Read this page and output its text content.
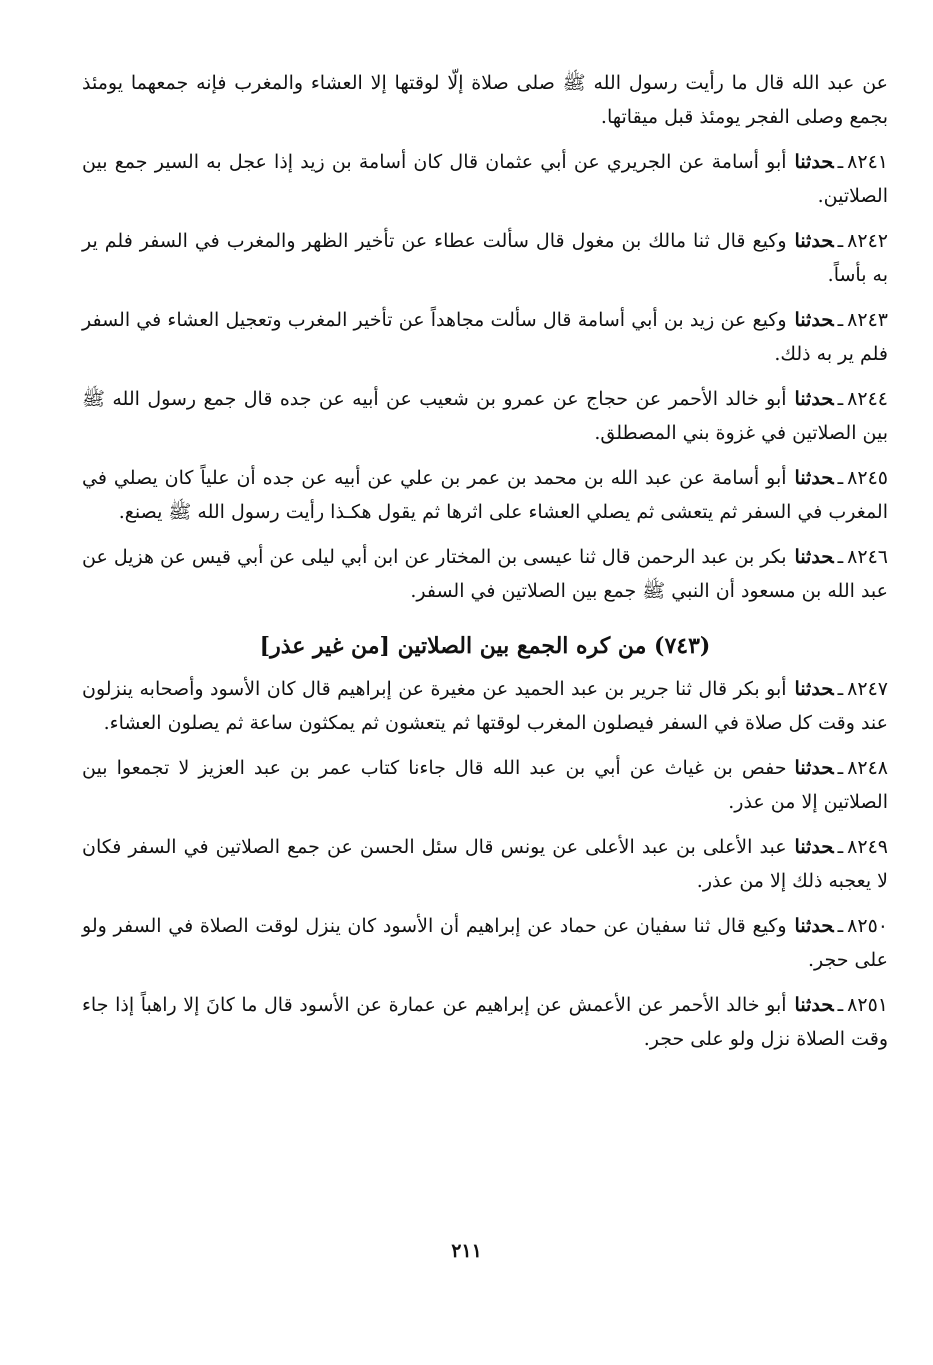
عن عبد الله قال ما رأيت رسول الله ﷺ صلى صلاة إلّا لوقتها إلا العشاء والمغرب فإنه جمعهما يومئذ بجمع وصلى الفجر يومئذ قبل ميقاتها.

٨٢٤١ـحدثناأبو أسامة عن الجريري عن أبي عثمان قال كان أسامة بن زيد إذا عجل به السير جمع بين الصلاتين.

٨٢٤٢ـحدثناوكيع قال ثنا مالك بن مغول قال سألت عطاء عن تأخير الظهر والمغرب في السفر فلم ير به بأساً.

٨٢٤٣ـحدثناوكيع عن زيد بن أبي أسامة قال سألت مجاهداً عن تأخير المغرب وتعجيل العشاء في السفر فلم ير به ذلك.

٨٢٤٤ـحدثناأبو خالد الأحمر عن حجاج عن عمرو بن شعيب عن أبيه عن جده قال جمع رسول الله ﷺ بين الصلاتين في غزوة بني المصطلق.

٨٢٤٥ـحدثناأبو أسامة عن عبد الله بن محمد بن عمر بن علي عن أبيه عن جده أن علياً كان يصلي في المغرب في السفر ثم يتعشى ثم يصلي العشاء على اثرها ثم يقول هكـذا رأيت رسول الله ﷺ يصنع.

٨٢٤٦ـحدثنابكر بن عبد الرحمن قال ثنا عيسى بن المختار عن ابن أبي ليلى عن أبي قيس عن هزيل عن عبد الله بن مسعود أن النبي ﷺ جمع بين الصلاتين في السفر.

(٧٤٣) من كره الجمع بين الصلاتين [من غير عذر]

٨٢٤٧ـحدثناأبو بكر قال ثنا جرير بن عبد الحميد عن مغيرة عن إبراهيم قال كان الأسود وأصحابه ينزلون عند وقت كل صلاة في السفر فيصلون المغرب لوقتها ثم يتعشون ثم يمكثون ساعة ثم يصلون العشاء.

٨٢٤٨ـحدثناحفص بن غياث عن أبي بن عبد الله قال جاءنا كتاب عمر بن عبد العزيز لا تجمعوا بين الصلاتين إلا من عذر.

٨٢٤٩ـحدثناعبد الأعلى بن عبد الأعلى عن يونس قال سئل الحسن عن جمع الصلاتين في السفر فكان لا يعجبه ذلك إلا من عذر.

٨٢٥٠ـحدثناوكيع قال ثنا سفيان عن حماد عن إبراهيم أن الأسود كان ينزل لوقت الصلاة في السفر ولو على حجر.

٨٢٥١ـحدثناأبو خالد الأحمر عن الأعمش عن إبراهيم عن عمارة عن الأسود قال ما كانَ إلا راهباً إذا جاء وقت الصلاة نزل ولو على حجر.

٢١١
